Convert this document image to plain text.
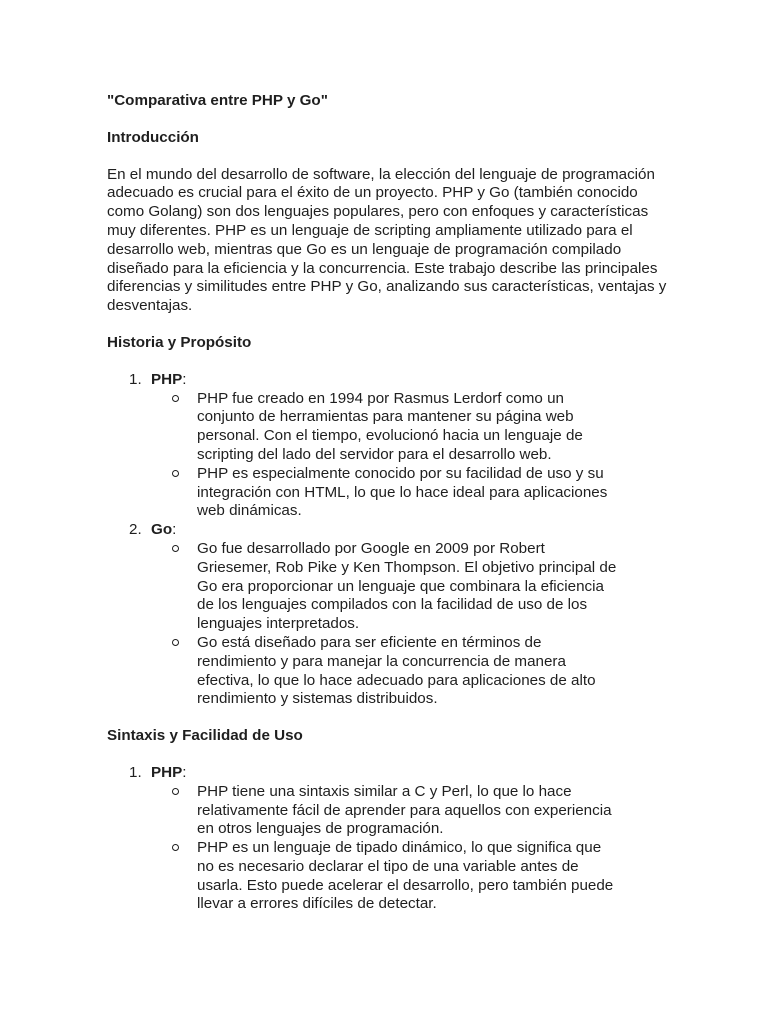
"Comparativa entre PHP y Go"
Introducción
En el mundo del desarrollo de software, la elección del lenguaje de programación adecuado es crucial para el éxito de un proyecto. PHP y Go (también conocido como Golang) son dos lenguajes populares, pero con enfoques y características muy diferentes. PHP es un lenguaje de scripting ampliamente utilizado para el desarrollo web, mientras que Go es un lenguaje de programación compilado diseñado para la eficiencia y la concurrencia. Este trabajo describe las principales diferencias y similitudes entre PHP y Go, analizando sus características, ventajas y desventajas.
Historia y Propósito
1. PHP:
PHP fue creado en 1994 por Rasmus Lerdorf como un conjunto de herramientas para mantener su página web personal. Con el tiempo, evolucionó hacia un lenguaje de scripting del lado del servidor para el desarrollo web.
PHP es especialmente conocido por su facilidad de uso y su integración con HTML, lo que lo hace ideal para aplicaciones web dinámicas.
2. Go:
Go fue desarrollado por Google en 2009 por Robert Griesemer, Rob Pike y Ken Thompson. El objetivo principal de Go era proporcionar un lenguaje que combinara la eficiencia de los lenguajes compilados con la facilidad de uso de los lenguajes interpretados.
Go está diseñado para ser eficiente en términos de rendimiento y para manejar la concurrencia de manera efectiva, lo que lo hace adecuado para aplicaciones de alto rendimiento y sistemas distribuidos.
Sintaxis y Facilidad de Uso
1. PHP:
PHP tiene una sintaxis similar a C y Perl, lo que lo hace relativamente fácil de aprender para aquellos con experiencia en otros lenguajes de programación.
PHP es un lenguaje de tipado dinámico, lo que significa que no es necesario declarar el tipo de una variable antes de usarla. Esto puede acelerar el desarrollo, pero también puede llevar a errores difíciles de detectar.
